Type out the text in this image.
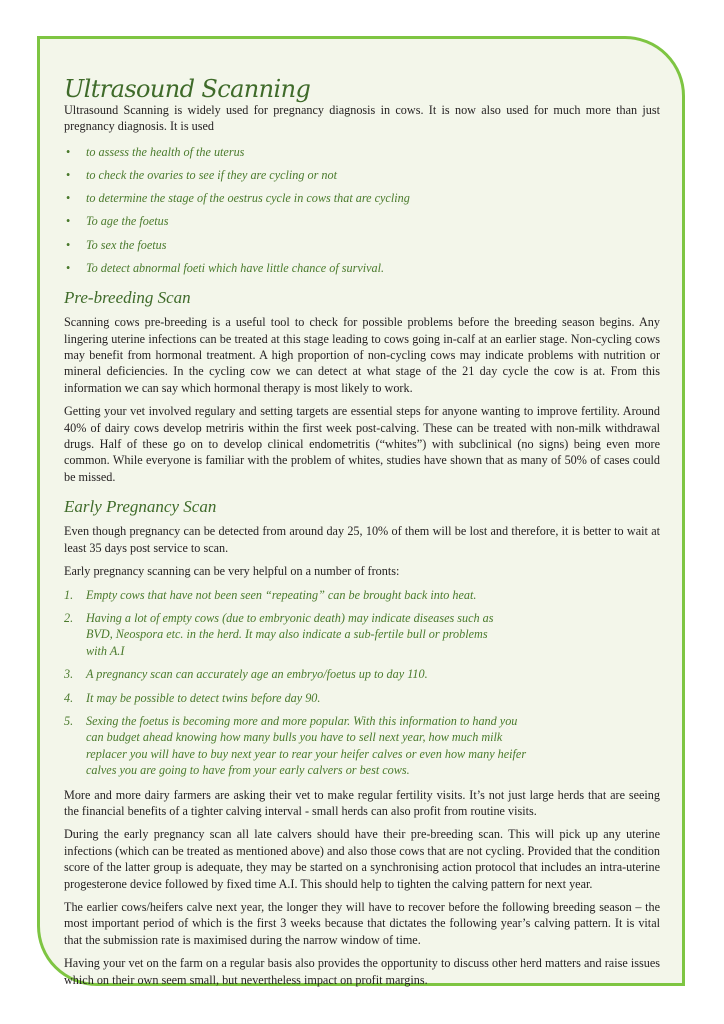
Ultrasound Scanning

Ultrasound Scanning is widely used for pregnancy diagnosis in cows. It is now also used for much more than just pregnancy diagnosis. It is used

• to assess the health of the uterus
• to check the ovaries to see if they are cycling or not
• to determine the stage of the oestrus cycle in cows that are cycling
• To age the foetus
• To sex the foetus
• To detect abnormal foeti which have little chance of survival.
Pre-breeding Scan

Scanning cows pre-breeding is a useful tool to check for possible problems before the breeding season begins. Any lingering uterine infections can be treated at this stage leading to cows going in-calf at an earlier stage. Non-cycling cows may benefit from hormonal treatment. A high proportion of non-cycling cows may indicate problems with nutrition or mineral deficiencies. In the cycling cow we can detect at what stage of the 21 day cycle the cow is at. From this information we can say which hormonal therapy is most likely to work.

Getting your vet involved regulary and setting targets are essential steps for anyone wanting to improve fertility. Around 40% of dairy cows develop metriris within the first week post-calving. These can be treated with non-milk withdrawal drugs. Half of these go on to develop clinical endometritis (“whites”) with subclinical (no signs) being even more common. While everyone is familiar with the problem of whites, studies have shown that as many of 50% of cases could be missed.

Early Pregnancy Scan

Even though pregnancy can be detected from around day 25, 10% of them will be lost and therefore, it is better to wait at least 35 days post service to scan.

Early pregnancy scanning can be very helpful on a number of fronts:

1. Empty cows that have not been seen “repeating” can be brought back into heat.
2. Having a lot of empty cows (due to embryonic death) may indicate diseases such as BVD, Neospora etc. in the herd. It may also indicate a sub-fertile bull or problems with A.I
3. A pregnancy scan can accurately age an embryo/foetus up to day 110.
4. It may be possible to detect twins before day 90.
5. Sexing the foetus is becoming more and more popular. With this information to hand you can budget ahead knowing how many bulls you have to sell next year, how much milk replacer you will have to buy next year to rear your heifer calves or even how many heifer calves you are going to have from your early calvers or best cows.

More and more dairy farmers are asking their vet to make regular fertility visits. It’s not just large herds that are seeing the financial benefits of a tighter calving interval - small herds can also profit from routine visits.

During the early pregnancy scan all late calvers should have their pre-breeding scan. This will pick up any uterine infections (which can be treated as mentioned above) and also those cows that are not cycling. Provided that the condition score of the latter group is adequate, they may be started on a synchronising action protocol that includes an intra-uterine progesterone device followed by fixed time A.I. This should help to tighten the calving pattern for next year.

The earlier cows/heifers calve next year, the longer they will have to recover before the following breeding season – the most important period of which is the first 3 weeks because that dictates the following year’s calving pattern. It is vital that the submission rate is maximised during the narrow window of time.

Having your vet on the farm on a regular basis also provides the opportunity to discuss other herd matters and raise issues which on their own seem small, but nevertheless impact on profit margins.
